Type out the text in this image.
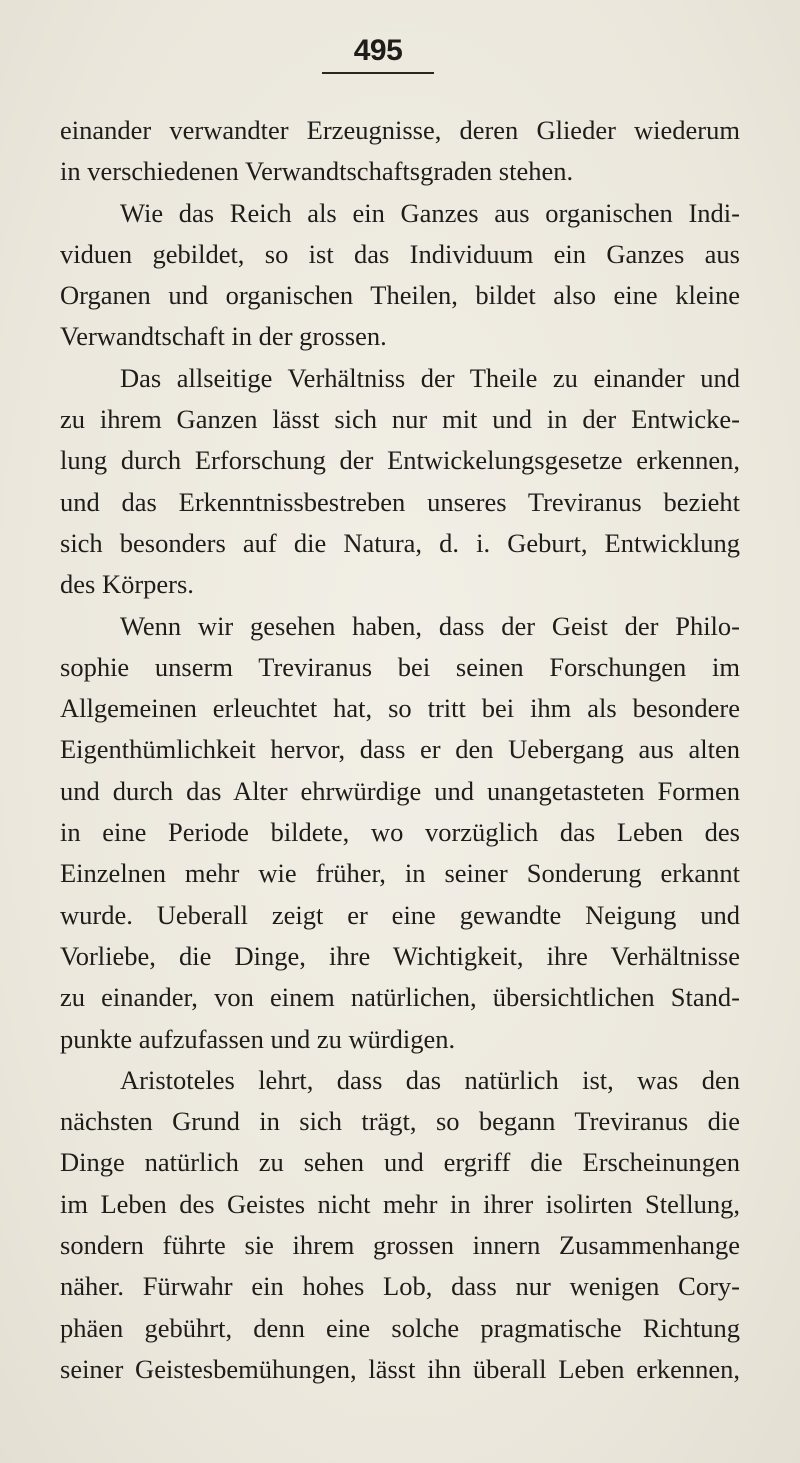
495
einander verwandter Erzeugnisse, deren Glieder wiederum
in verschiedenen Verwandtschaftsgraden stehen.
Wie das Reich als ein Ganzes aus organischen Indi-
viduen gebildet, so ist das Individuum ein Ganzes aus
Organen und organischen Theilen, bildet also eine kleine
Verwandtschaft in der grossen.
Das allseitige Verhältniss der Theile zu einander und
zu ihrem Ganzen lässt sich nur mit und in der Entwicke-
lung durch Erforschung der Entwickelungsgesetze erkennen,
und das Erkenntnissbestreben unseres Treviranus bezieht
sich besonders auf die Natura, d. i. Geburt, Entwicklung
des Körpers.
Wenn wir gesehen haben, dass der Geist der Philo-
sophie unserm Treviranus bei seinen Forschungen im
Allgemeinen erleuchtet hat, so tritt bei ihm als besondere
Eigenthümlichkeit hervor, dass er den Uebergang aus alten
und durch das Alter ehrwürdige und unangetasteten Formen
in eine Periode bildete, wo vorzüglich das Leben des
Einzelnen mehr wie früher, in seiner Sonderung erkannt
wurde. Ueberall zeigt er eine gewandte Neigung und
Vorliebe, die Dinge, ihre Wichtigkeit, ihre Verhältnisse
zu einander, von einem natürlichen, übersichtlichen Stand-
punkte aufzufassen und zu würdigen.
Aristoteles lehrt, dass das natürlich ist, was den
nächsten Grund in sich trägt, so begann Treviranus die
Dinge natürlich zu sehen und ergriff die Erscheinungen
im Leben des Geistes nicht mehr in ihrer isolirten Stellung,
sondern führte sie ihrem grossen innern Zusammenhange
näher. Fürwahr ein hohes Lob, dass nur wenigen Cory-
phäen gebührt, denn eine solche pragmatische Richtung
seiner Geistesbemühungen, lässt ihn überall Leben erkennen,
